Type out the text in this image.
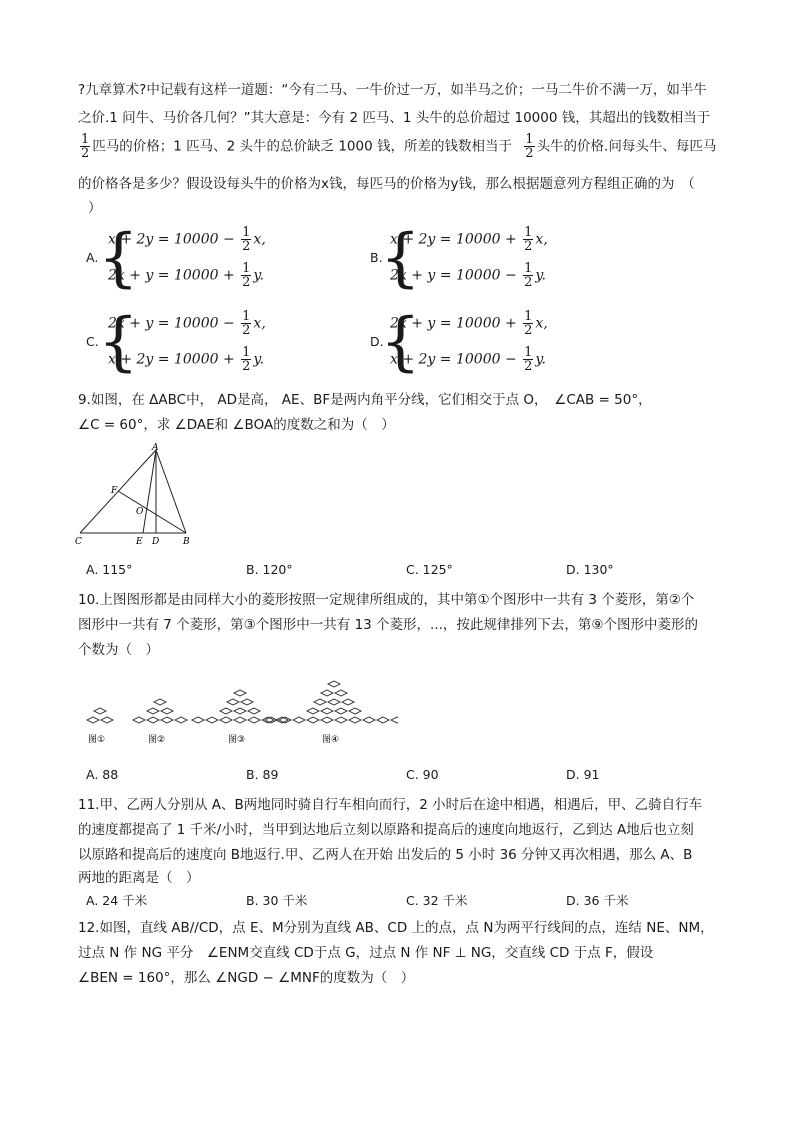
?九章算术?中记载有这样一道题：“今有二马、一牛价过一万，如半马之价；一马二牛价不满一万，如半牛
之价.1 问牛、马价各几何？”其大意是：今有 2 匹马、1 头牛的总价超过 10000 钱，其超出的钱数相当于
$\frac{1}{2}$ 匹马的价格；1 匹马、2 头牛的总价缺乏 1000 钱，所差的钱数相当于 $\frac{1}{2}$ 头牛的价格.问每头牛、每匹马
的价格各是多少？假设设每头牛的价格为x钱，每匹马的价格为y钱，那么根据题意列方程组正确的为　（
）
A. {
$x + 2y = 10000 - \frac{1}{2} x$,
$2x + y = 10000 + \frac{1}{2} y$.
B.
{
$x + 2y = 10000 + \frac{1}{2} x$,
$2x + y = 10000 - \frac{1}{2} y$.
C. {
$2x + y = 10000 - \frac{1}{2} x$,
$x + 2y = 10000 + \frac{1}{2} y$.
D.
{
$2x + y = 10000 + \frac{1}{2} x$,
$x + 2y = 10000 - \frac{1}{2} y$.
9.如图，在 ΔABC中， AD是高， AE、BF是两内角平分线，它们相交于点 O，　∠CAB = 50°，
∠C = 60°，求 ∠DAE和 ∠BOA的度数之和为（　）
A
B
C	D
E
F
O
A. 115°	B. 120°	C. 125°	D. 130°
10.上图图形都是由同样大小的菱形按照一定规律所组成的，其中第①个图形中一共有 3 个菱形，第②个
图形中一共有 7 个菱形，第③个图形中一共有 13 个菱形，...，按此规律排列下去，第⑨个图形中菱形的
个数为（　）
图①	图②	图③	图④
A. 88	B. 89	C. 90	D. 91
11.甲、乙两人分别从 A、B两地同时骑自行车相向而行，2 小时后在途中相遇，相遇后，甲、乙骑自行车
的速度都提高了 1 千米/小时，当甲到达地后立刻以原路和提高后的速度向地返行，乙到达 A地后也立刻
以原路和提高后的速度向 B地返行.甲、乙两人在开始 出发后的 5 小时 36 分钟又再次相遇，那么 A、B
两地的距离是（　）
A. 24 千米	B. 30 千米	C. 32 千米	D. 36 千米
12.如图，直线 AB//CD，点 E、M分别为直线 AB、CD 上的点，点 N为两平行线间的点，连结 NE、NM，
过点 N 作 NG 平分　∠ENM交直线 CD于点 G，过点 N 作 NF ⊥ NG，交直线 CD 于点 F，假设
∠BEN = 160°，那么 ∠NGD − ∠MNF的度数为（　）
